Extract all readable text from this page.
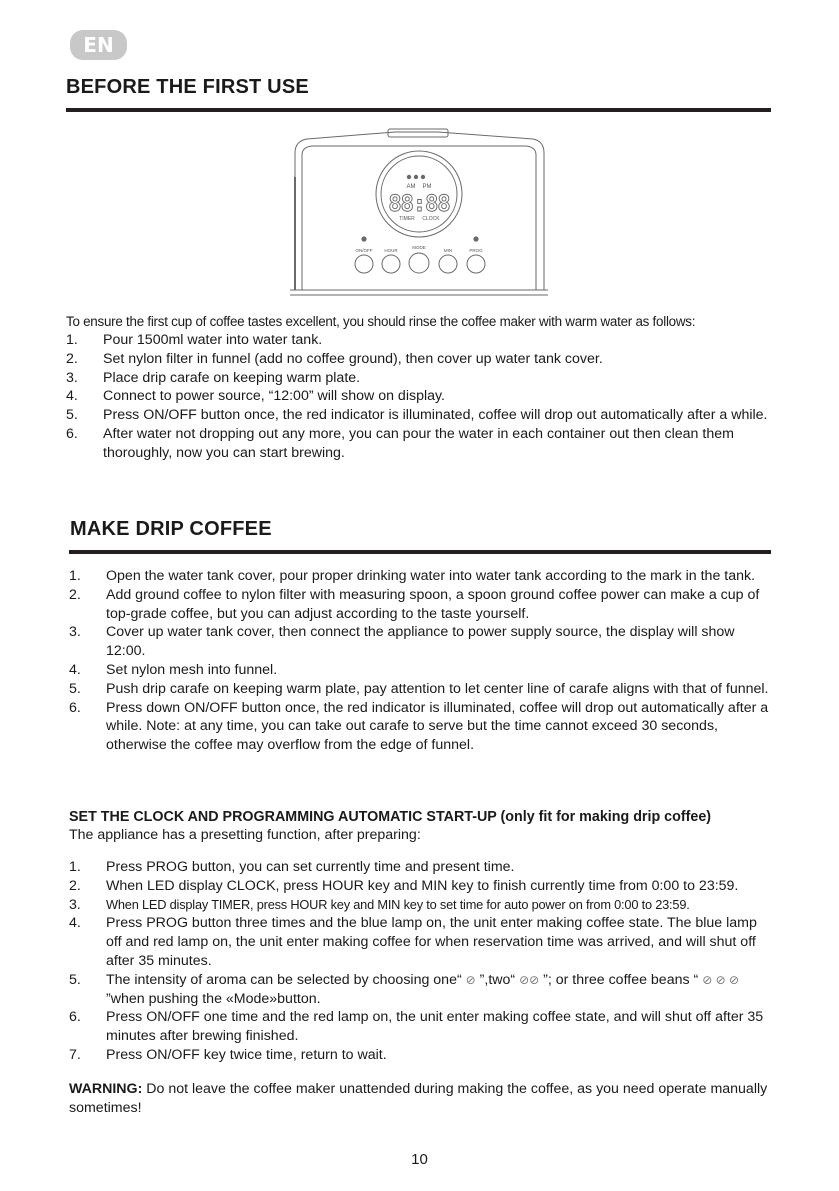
EN
BEFORE THE FIRST USE
AM PM
88:88
TIMER CLOCK
ON/OFF	HOUR
MODE
MIN	PROG
To ensure the first cup of coffee tastes excellent, you should rinse the coffee maker with warm water as follows:
1. Pour 1500ml water into water tank.
2. Set nylon filter in funnel (add no coffee ground), then cover up water tank cover.
3. Place drip carafe on keeping warm plate.
4. Connect to power source, “12:00” will show on display.
5. Press ON/OFF button once, the red indicator is illuminated, coffee will drop out automatically after a while.
6. After water not dropping out any more, you can pour the water in each container out then clean them thoroughly, now you can start brewing.
MAKE DRIP COFFEE
1. Open the water tank cover, pour proper drinking water into water tank according to the mark in the tank.
2. Add ground coffee to nylon filter with measuring spoon, a spoon ground coffee power can make a cup of top-grade coffee, but you can adjust according to the taste yourself.
3. Cover up water tank cover, then connect the appliance to power supply source, the display will show 12:00.
4. Set nylon mesh into funnel.
5. Push drip carafe on keeping warm plate, pay attention to let center line of carafe aligns with that of funnel.
6. Press down ON/OFF button once, the red indicator is illuminated, coffee will drop out automatically after a while. Note: at any time, you can take out carafe to serve but the time cannot exceed 30 seconds, otherwise the coffee may overflow from the edge of funnel.
SET THE CLOCK AND PROGRAMMING AUTOMATIC START-UP (only fit for making drip coffee)
The appliance has a presetting function, after preparing:
1. Press PROG button, you can set currently time and present time.
2. When LED display CLOCK, press HOUR key and MIN key to finish currently time from 0:00 to 23:59.
3. When LED display TIMER, press HOUR key and MIN key to set time for auto power on from 0:00 to 23:59.
4. Press PROG button three times and the blue lamp on, the unit enter making coffee state. The blue lamp off and red lamp on, the unit enter making coffee for when reservation time was arrived, and will shut off after 35 minutes.
5. The intensity of aroma can be selected by choosing one“ ⊘ ”,two“ ⊘⊘ ”; or three coffee beans “ ⊘ ⊘ ⊘ ”when pushing the «Mode»button.
6. Press ON/OFF one time and the red lamp on, the unit enter making coffee state, and will shut off after 35 minutes after brewing finished.
7. Press ON/OFF key twice time, return to wait.
WARNING: Do not leave the coffee maker unattended during making the coffee, as you need operate manually sometimes!
10
